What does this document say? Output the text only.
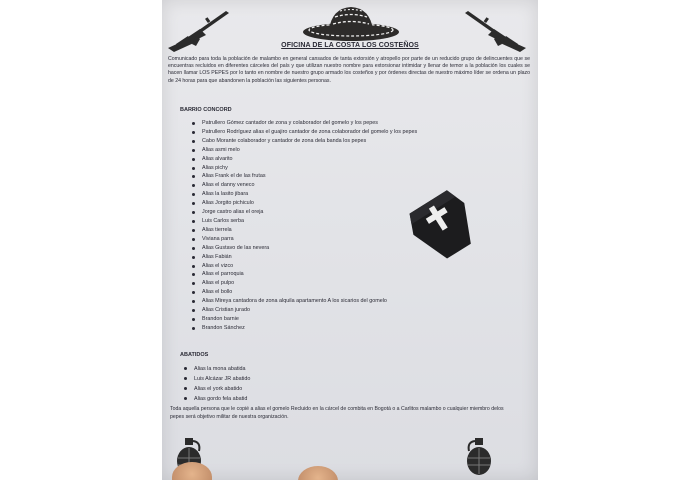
OFICINA DE LA COSTA LOS COSTEÑOS

Comunicado para toda la población de malambo en general cansados de tanta extorsión y atropello por parte de un reducido grupo de delincuentes que se encuentras recluidos en diferentes cárceles del país y que utilizan nuestro nombre para extorsionar intimidar y llenar de temor a la población los cuales se hacen llamar LOS PEPES por lo tanto en nombre de nuestro grupo armado los costeños y por órdenes directas de nuestro máximo líder se ordena un plazo de 24 horas para que abandonen la población las siguientes personas.

BARRIO CONCORD
Patrullero Gómez cantador de zona y colaborador del gomelo y los pepes
Patrullero Rodríguez alias el guajiro cantador de zona colaborador del gomelo y los pepes
Cabo Morante colaborador y cantador de zona dela banda los pepes
Alias asmi melo
Alias alvarito
Alias pichy
Alias Frank el de las frutas
Alias el danny veneco
Alias la lasito jibara
Alias Jorgito pichiculo
Jorge castro alias el oreja
Luis Carlos serba
Alias tierrela
Viviana parra
Alias Gustavo de las nevera
Alias Fabián
Alias el vizco
Alias el parroquia
Alias el pulpo
Alias el bollo
Alias Mireya cantadora de zona alquila apartamento A los sicarios del gomelo
Alias Cristian jurado
Brandon barnie
Brandon Sánchez
ABATIDOS
Alias la mona abatida
Luis Alcázar JR abatido
Alias el york abatido
Alias gordo fela abatid

Toda aquella persona que le copié a alias el gomelo Recluido en la cárcel de combita en Bogotá o a Carlitos malambo o cualquier miembro delos pepes será objetivo militar de nuestra organización.
